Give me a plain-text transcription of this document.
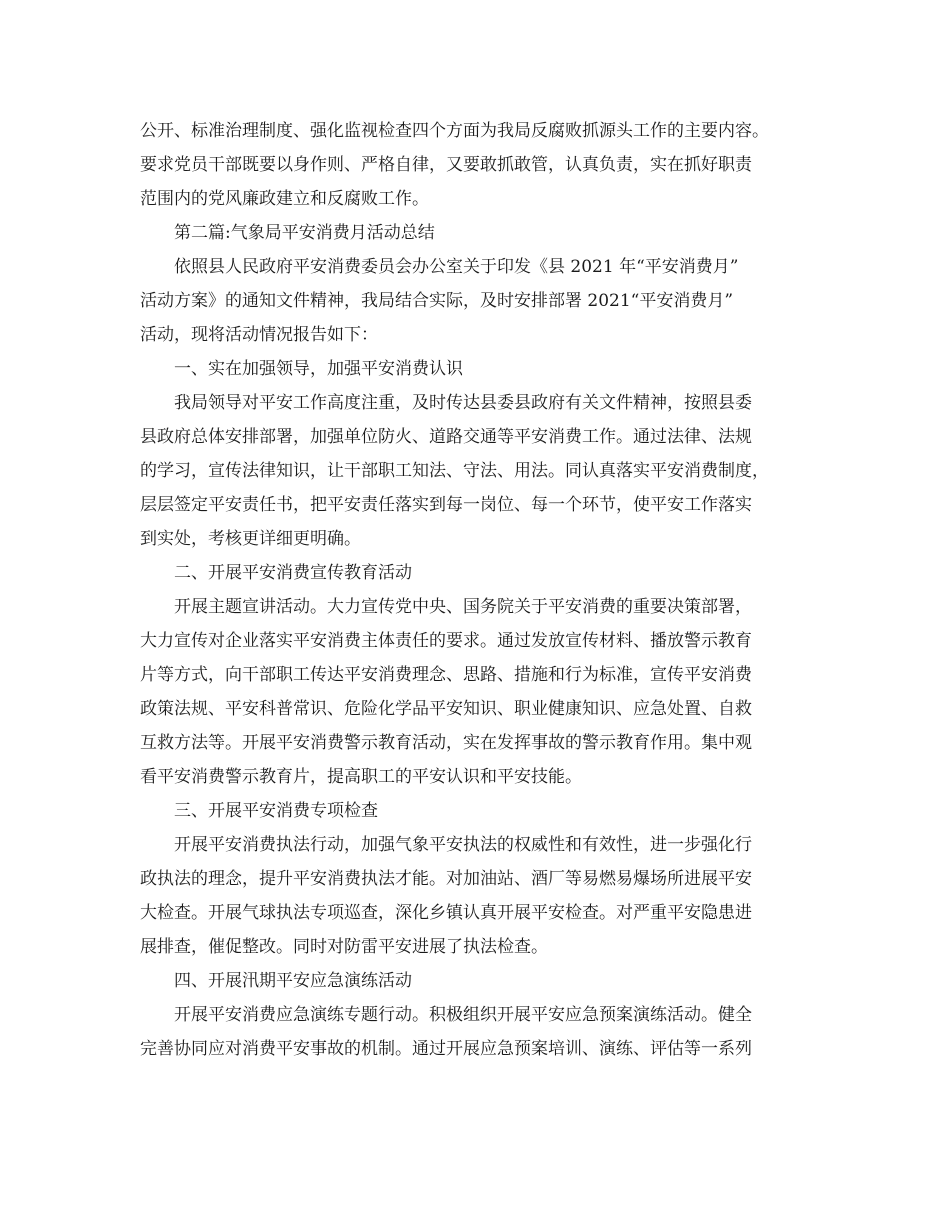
公开、标准治理制度、强化监视检查四个方面为我局反腐败抓源头工作的主要内容。
要求党员干部既要以身作则、严格自律，又要敢抓敢管，认真负责，实在抓好职责
范围内的党风廉政建立和反腐败工作。
第二篇:气象局平安消费月活动总结
依照县人民政府平安消费委员会办公室关于印发《县 2021 年“平安消费月”
活动方案》的通知文件精神，我局结合实际，及时安排部署 2021“平安消费月”
活动，现将活动情况报告如下：
一、实在加强领导，加强平安消费认识
我局领导对平安工作高度注重，及时传达县委县政府有关文件精神，按照县委
县政府总体安排部署，加强单位防火、道路交通等平安消费工作。通过法律、法规
的学习，宣传法律知识，让干部职工知法、守法、用法。同认真落实平安消费制度，
层层签定平安责任书，把平安责任落实到每一岗位、每一个环节，使平安工作落实
到实处，考核更详细更明确。
二、开展平安消费宣传教育活动
开展主题宣讲活动。大力宣传党中央、国务院关于平安消费的重要决策部署，
大力宣传对企业落实平安消费主体责任的要求。通过发放宣传材料、播放警示教育
片等方式，向干部职工传达平安消费理念、思路、措施和行为标准，宣传平安消费
政策法规、平安科普常识、危险化学品平安知识、职业健康知识、应急处置、自救
互救方法等。开展平安消费警示教育活动，实在发挥事故的警示教育作用。集中观
看平安消费警示教育片，提高职工的平安认识和平安技能。
三、开展平安消费专项检查
开展平安消费执法行动，加强气象平安执法的权威性和有效性，进一步强化行
政执法的理念，提升平安消费执法才能。对加油站、酒厂等易燃易爆场所进展平安
大检查。开展气球执法专项巡查，深化乡镇认真开展平安检查。对严重平安隐患进
展排查，催促整改。同时对防雷平安进展了执法检查。
四、开展汛期平安应急演练活动
开展平安消费应急演练专题行动。积极组织开展平安应急预案演练活动。健全
完善协同应对消费平安事故的机制。通过开展应急预案培训、演练、评估等一系列
